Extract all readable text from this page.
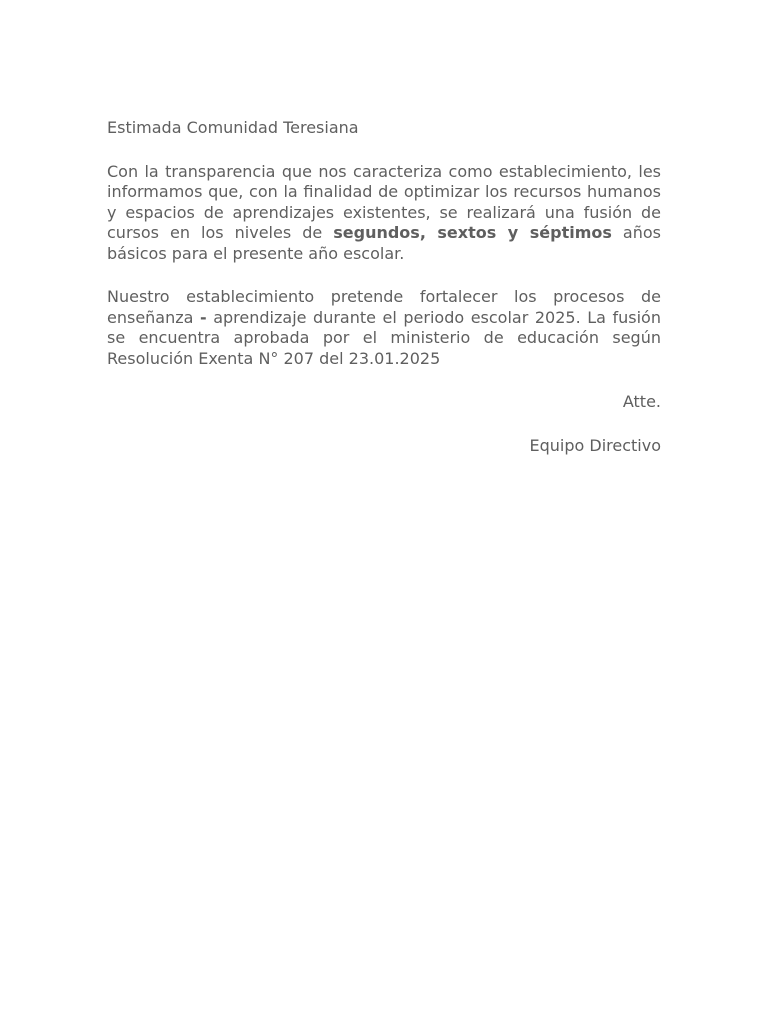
Estimada Comunidad Teresiana

Con la transparencia que nos caracteriza como establecimiento, les informamos que, con la finalidad de optimizar los recursos humanos y espacios de aprendizajes existentes, se realizará una fusión de cursos en los niveles de segundos, sextos y séptimos años básicos para el presente año escolar.

Nuestro establecimiento pretende fortalecer los procesos de enseñanza - aprendizaje durante el periodo escolar 2025. La fusión se encuentra aprobada por el ministerio de educación según Resolución Exenta N° 207 del 23.01.2025

Atte.

Equipo Directivo
